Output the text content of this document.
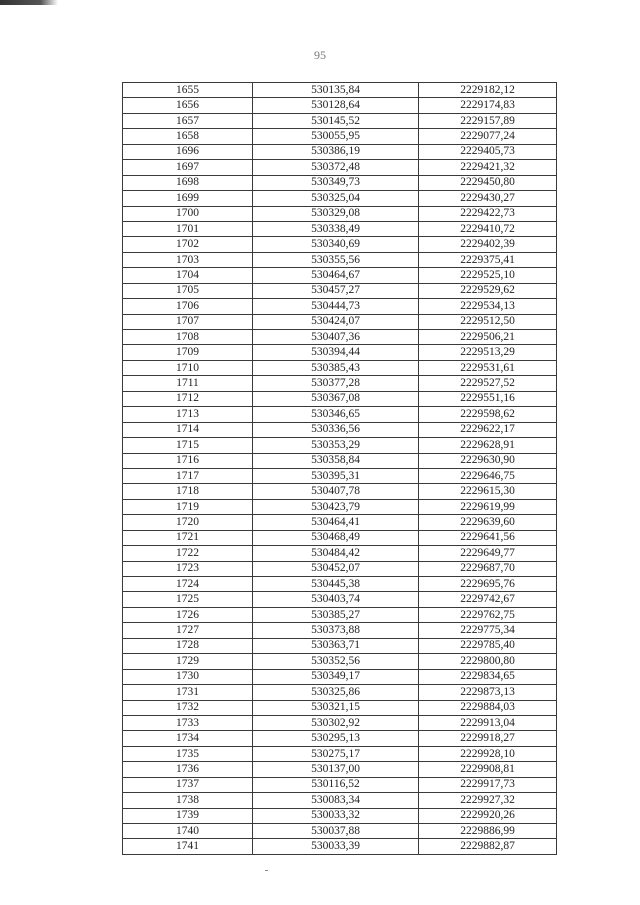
95
1655	530135,84	2229182,12
1656	530128,64	2229174,83
1657	530145,52	2229157,89
1658	530055,95	2229077,24
1696	530386,19	2229405,73
1697	530372,48	2229421,32
1698	530349,73	2229450,80
1699	530325,04	2229430,27
1700	530329,08	2229422,73
1701	530338,49	2229410,72
1702	530340,69	2229402,39
1703	530355,56	2229375,41
1704	530464,67	2229525,10
1705	530457,27	2229529,62
1706	530444,73	2229534,13
1707	530424,07	2229512,50
1708	530407,36	2229506,21
1709	530394,44	2229513,29
1710	530385,43	2229531,61
1711	530377,28	2229527,52
1712	530367,08	2229551,16
1713	530346,65	2229598,62
1714	530336,56	2229622,17
1715	530353,29	2229628,91
1716	530358,84	2229630,90
1717	530395,31	2229646,75
1718	530407,78	2229615,30
1719	530423,79	2229619,99
1720	530464,41	2229639,60
1721	530468,49	2229641,56
1722	530484,42	2229649,77
1723	530452,07	2229687,70
1724	530445,38	2229695,76
1725	530403,74	2229742,67
1726	530385,27	2229762,75
1727	530373,88	2229775,34
1728	530363,71	2229785,40
1729	530352,56	2229800,80
1730	530349,17	2229834,65
1731	530325,86	2229873,13
1732	530321,15	2229884,03
1733	530302,92	2229913,04
1734	530295,13	2229918,27
1735	530275,17	2229928,10
1736	530137,00	2229908,81
1737	530116,52	2229917,73
1738	530083,34	2229927,32
1739	530033,32	2229920,26
1740	530037,88	2229886,99
1741	530033,39	2229882,87
